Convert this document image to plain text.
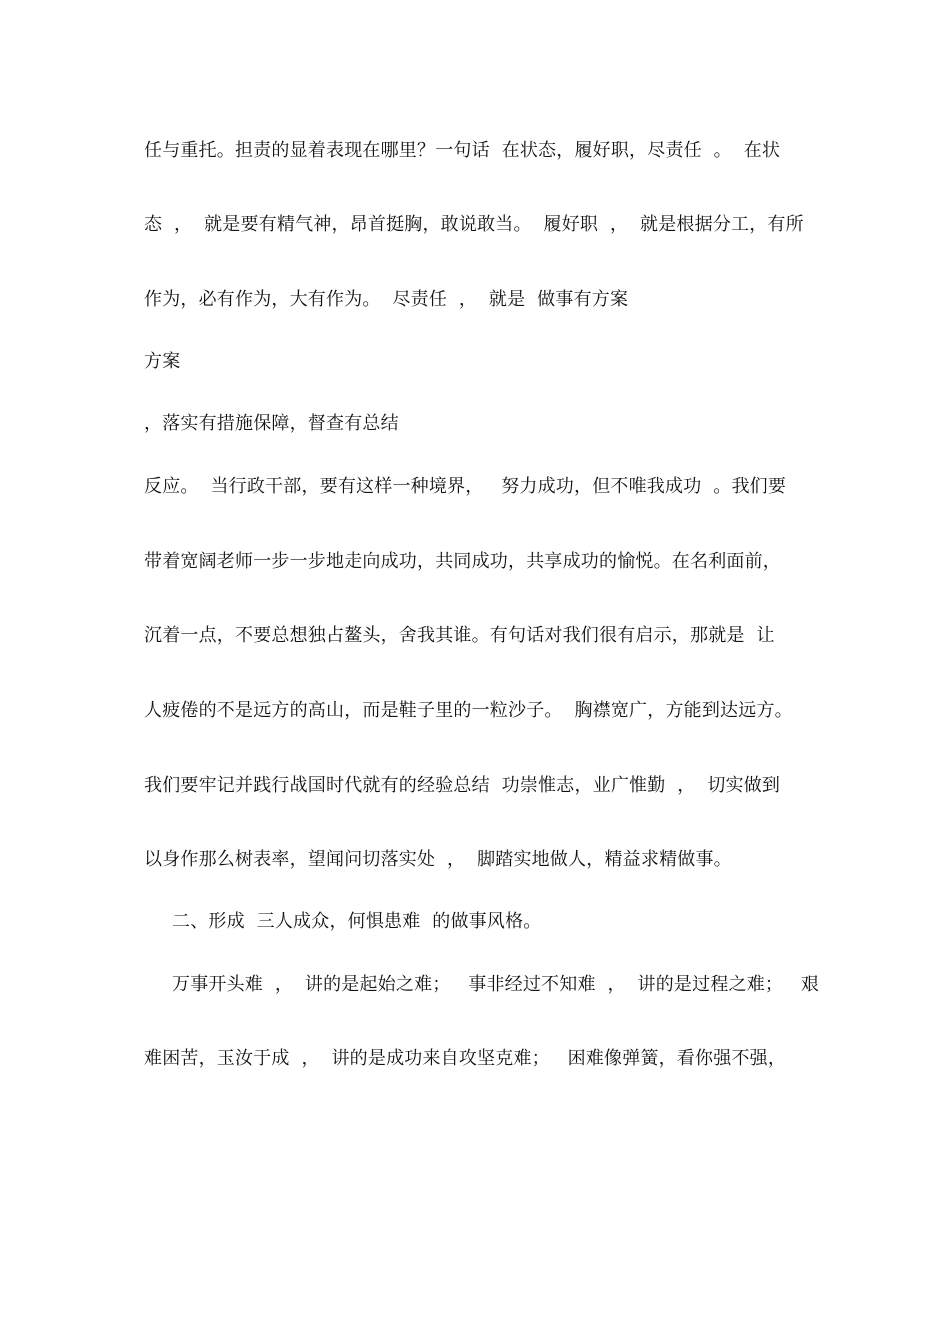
任与重托。担责的显着表现在哪里？一句话  在状态，履好职，尽责任  。  在状
态  ，  就是要有精气神，昂首挺胸，敢说敢当。  履好职  ，  就是根据分工，有所
作为，必有作为，大有作为。  尽责任  ，  就是  做事有方案
方案
，落实有措施保障，督查有总结
反应。  当行政干部，要有这样一种境界，   努力成功，但不唯我成功  。我们要
带着宽阔老师一步一步地走向成功，共同成功，共享成功的愉悦。在名利面前，
沉着一点，不要总想独占鳌头，舍我其谁。有句话对我们很有启示，那就是  让
人疲倦的不是远方的高山，而是鞋子里的一粒沙子。  胸襟宽广，方能到达远方。
我们要牢记并践行战国时代就有的经验总结  功崇惟志，业广惟勤  ，  切实做到
以身作那么树表率，望闻问切落实处  ，  脚踏实地做人，精益求精做事。
二、形成  三人成众，何惧患难  的做事风格。
万事开头难  ，  讲的是起始之难；   事非经过不知难  ，  讲的是过程之难；   艰
难困苦，玉汝于成  ，  讲的是成功来自攻坚克难；   困难像弹簧，看你强不强，
